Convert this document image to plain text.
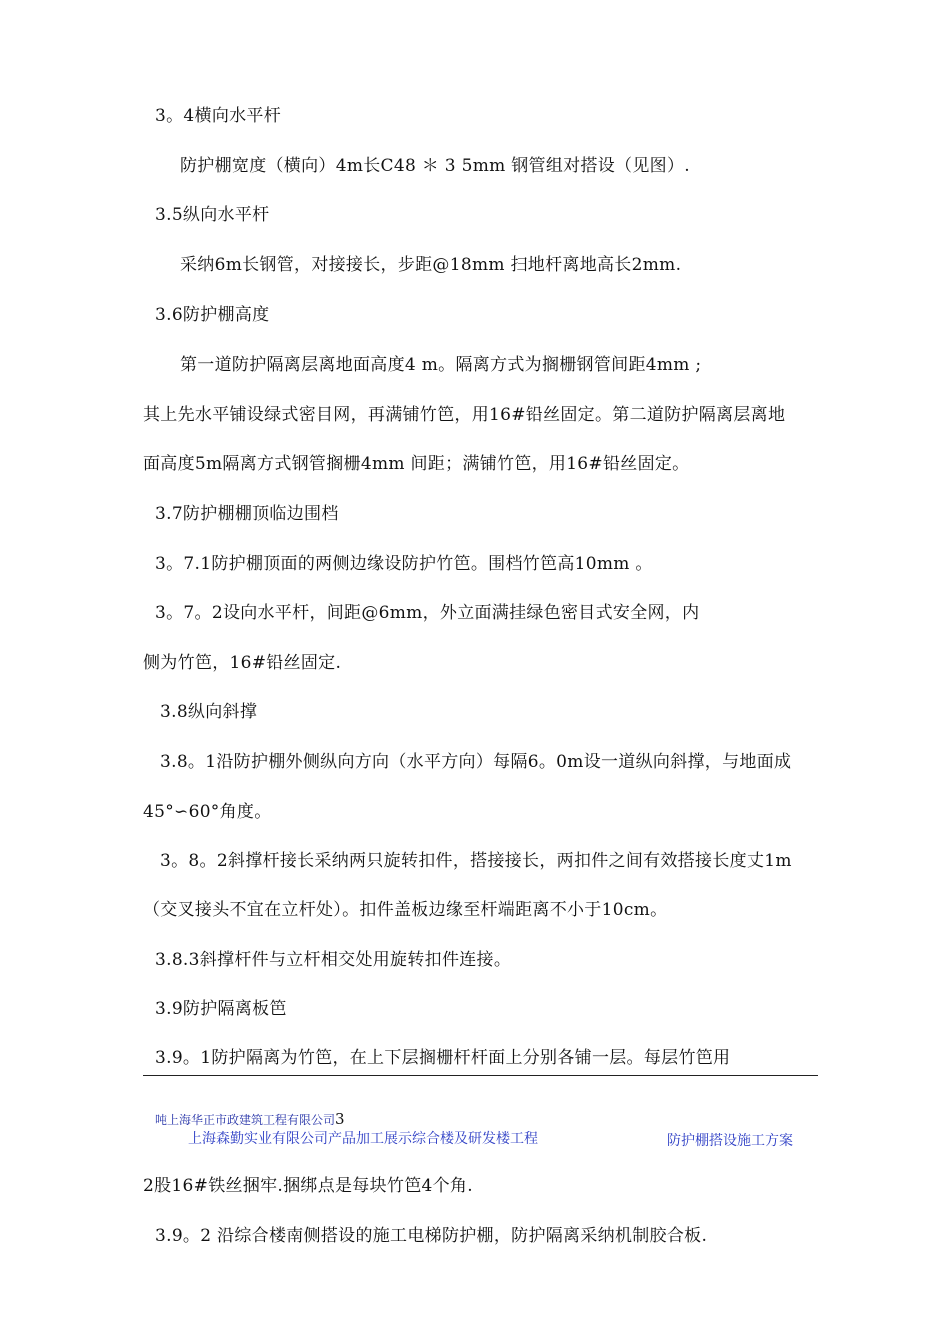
3。4横向水平杆
防护棚宽度（横向）4m长C48 ＊ 3 5mm 钢管组对搭设（见图）.
3.5纵向水平杆
采纳6m长钢管，对接接长，步距@18mm 扫地杆离地高长2mm.
3.6防护棚高度
第一道防护隔离层离地面高度4 m。隔离方式为搁栅钢管间距4mm ;
其上先水平铺设绿式密目网，再满铺竹笆，用16#铅丝固定。第二道防护隔离层离地
面高度5m隔离方式钢管搁栅4mm 间距；满铺竹笆，用16#铅丝固定。
3.7防护棚棚顶临边围档
3。7.1防护棚顶面的两侧边缘设防护竹笆。围档竹笆高10mm 。
3。7。2设向水平杆，间距@6mm，外立面满挂绿色密目式安全网，内
侧为竹笆，16#铅丝固定.
3.8纵向斜撑
3.8。1沿防护棚外侧纵向方向（水平方向）每隔6。0m设一道纵向斜撑，与地面成
45°∽60°角度。
3。8。2斜撑杆接长采纳两只旋转扣件，搭接接长，两扣件之间有效搭接长度丈1m
（交叉接头不宜在立杆处）。扣件盖板边缘至杆端距离不小于10cm。
3.8.3斜撑杆件与立杆相交处用旋转扣件连接。
3.9防护隔离板笆
3.9。1防护隔离为竹笆，在上下层搁栅杆杆面上分别各铺一层。每层竹笆用
吨上海华正市政建筑工程有限公司3
上海森勤实业有限公司产品加工展示综合楼及研发楼工程	防护棚搭设施工方案
2股16#铁丝捆牢.捆绑点是每块竹笆4个角.
3.9。2 沿综合楼南侧搭设的施工电梯防护棚，防护隔离采纳机制胶合板.
